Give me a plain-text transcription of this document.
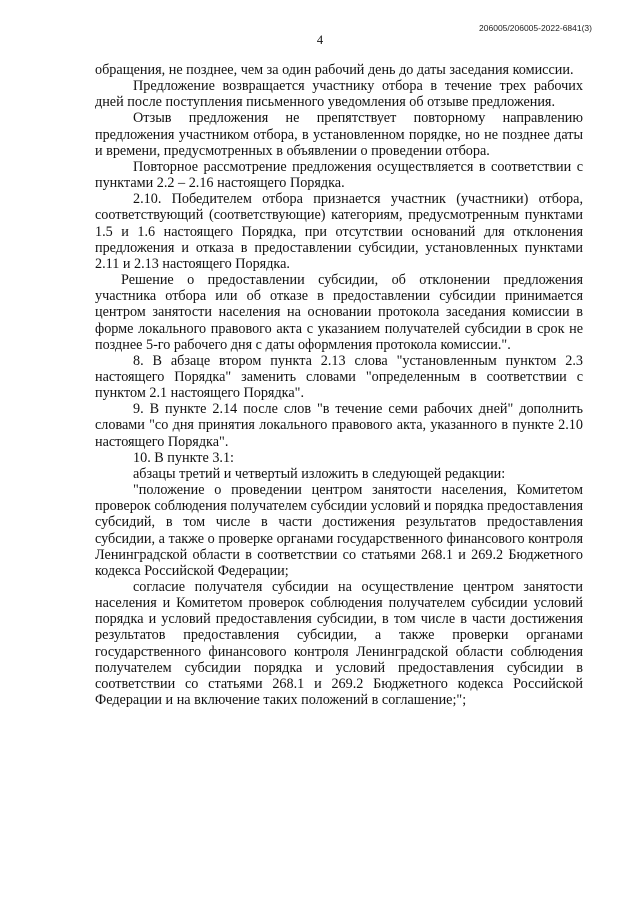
206005/206005-2022-6841(3)
4

обращения, не позднее, чем за один рабочий день до даты заседания комиссии.

Предложение возвращается участнику отбора в течение трех рабочих дней после поступления письменного уведомления об отзыве предложения.

Отзыв предложения не препятствует повторному направлению предложения участником отбора, в установленном порядке, но не позднее даты и времени, предусмотренных в объявлении о проведении отбора.

Повторное рассмотрение предложения осуществляется в соответствии с пунктами 2.2 – 2.16 настоящего Порядка.

2.10. Победителем отбора признается участник (участники) отбора, соответствующий (соответствующие) категориям, предусмотренным пунктами 1.5 и 1.6 настоящего Порядка, при отсутствии оснований для отклонения предложения и отказа в предоставлении субсидии, установленных пунктами 2.11 и 2.13 настоящего Порядка.

Решение о предоставлении субсидии, об отклонении предложения участника отбора или об отказе в предоставлении субсидии принимается центром занятости населения на основании протокола заседания комиссии в форме локального правового акта с указанием получателей субсидии в срок не позднее 5-го рабочего дня с даты оформления протокола комиссии.".

8. В абзаце втором пункта 2.13 слова "установленным пунктом 2.3 настоящего Порядка" заменить словами "определенным в соответствии с пунктом 2.1 настоящего Порядка".

9. В пункте 2.14 после слов "в течение семи рабочих дней" дополнить словами "со дня принятия локального правового акта, указанного в пункте 2.10 настоящего Порядка".

10. В пункте 3.1:

абзацы третий и четвертый изложить в следующей редакции:

"положение о проведении центром занятости населения, Комитетом проверок соблюдения получателем субсидии условий и порядка предоставления субсидий, в том числе в части достижения результатов предоставления субсидии, а также о проверке органами государственного финансового контроля Ленинградской области в соответствии со статьями 268.1 и 269.2 Бюджетного кодекса Российской Федерации;

согласие получателя субсидии на осуществление центром занятости населения и Комитетом проверок соблюдения получателем субсидии условий порядка и условий предоставления субсидии, в том числе в части достижения результатов предоставления субсидии, а также проверки органами государственного финансового контроля Ленинградской области соблюдения получателем субсидии порядка и условий предоставления субсидии в соответствии со статьями 268.1 и 269.2 Бюджетного кодекса Российской Федерации и на включение таких положений в соглашение;";
